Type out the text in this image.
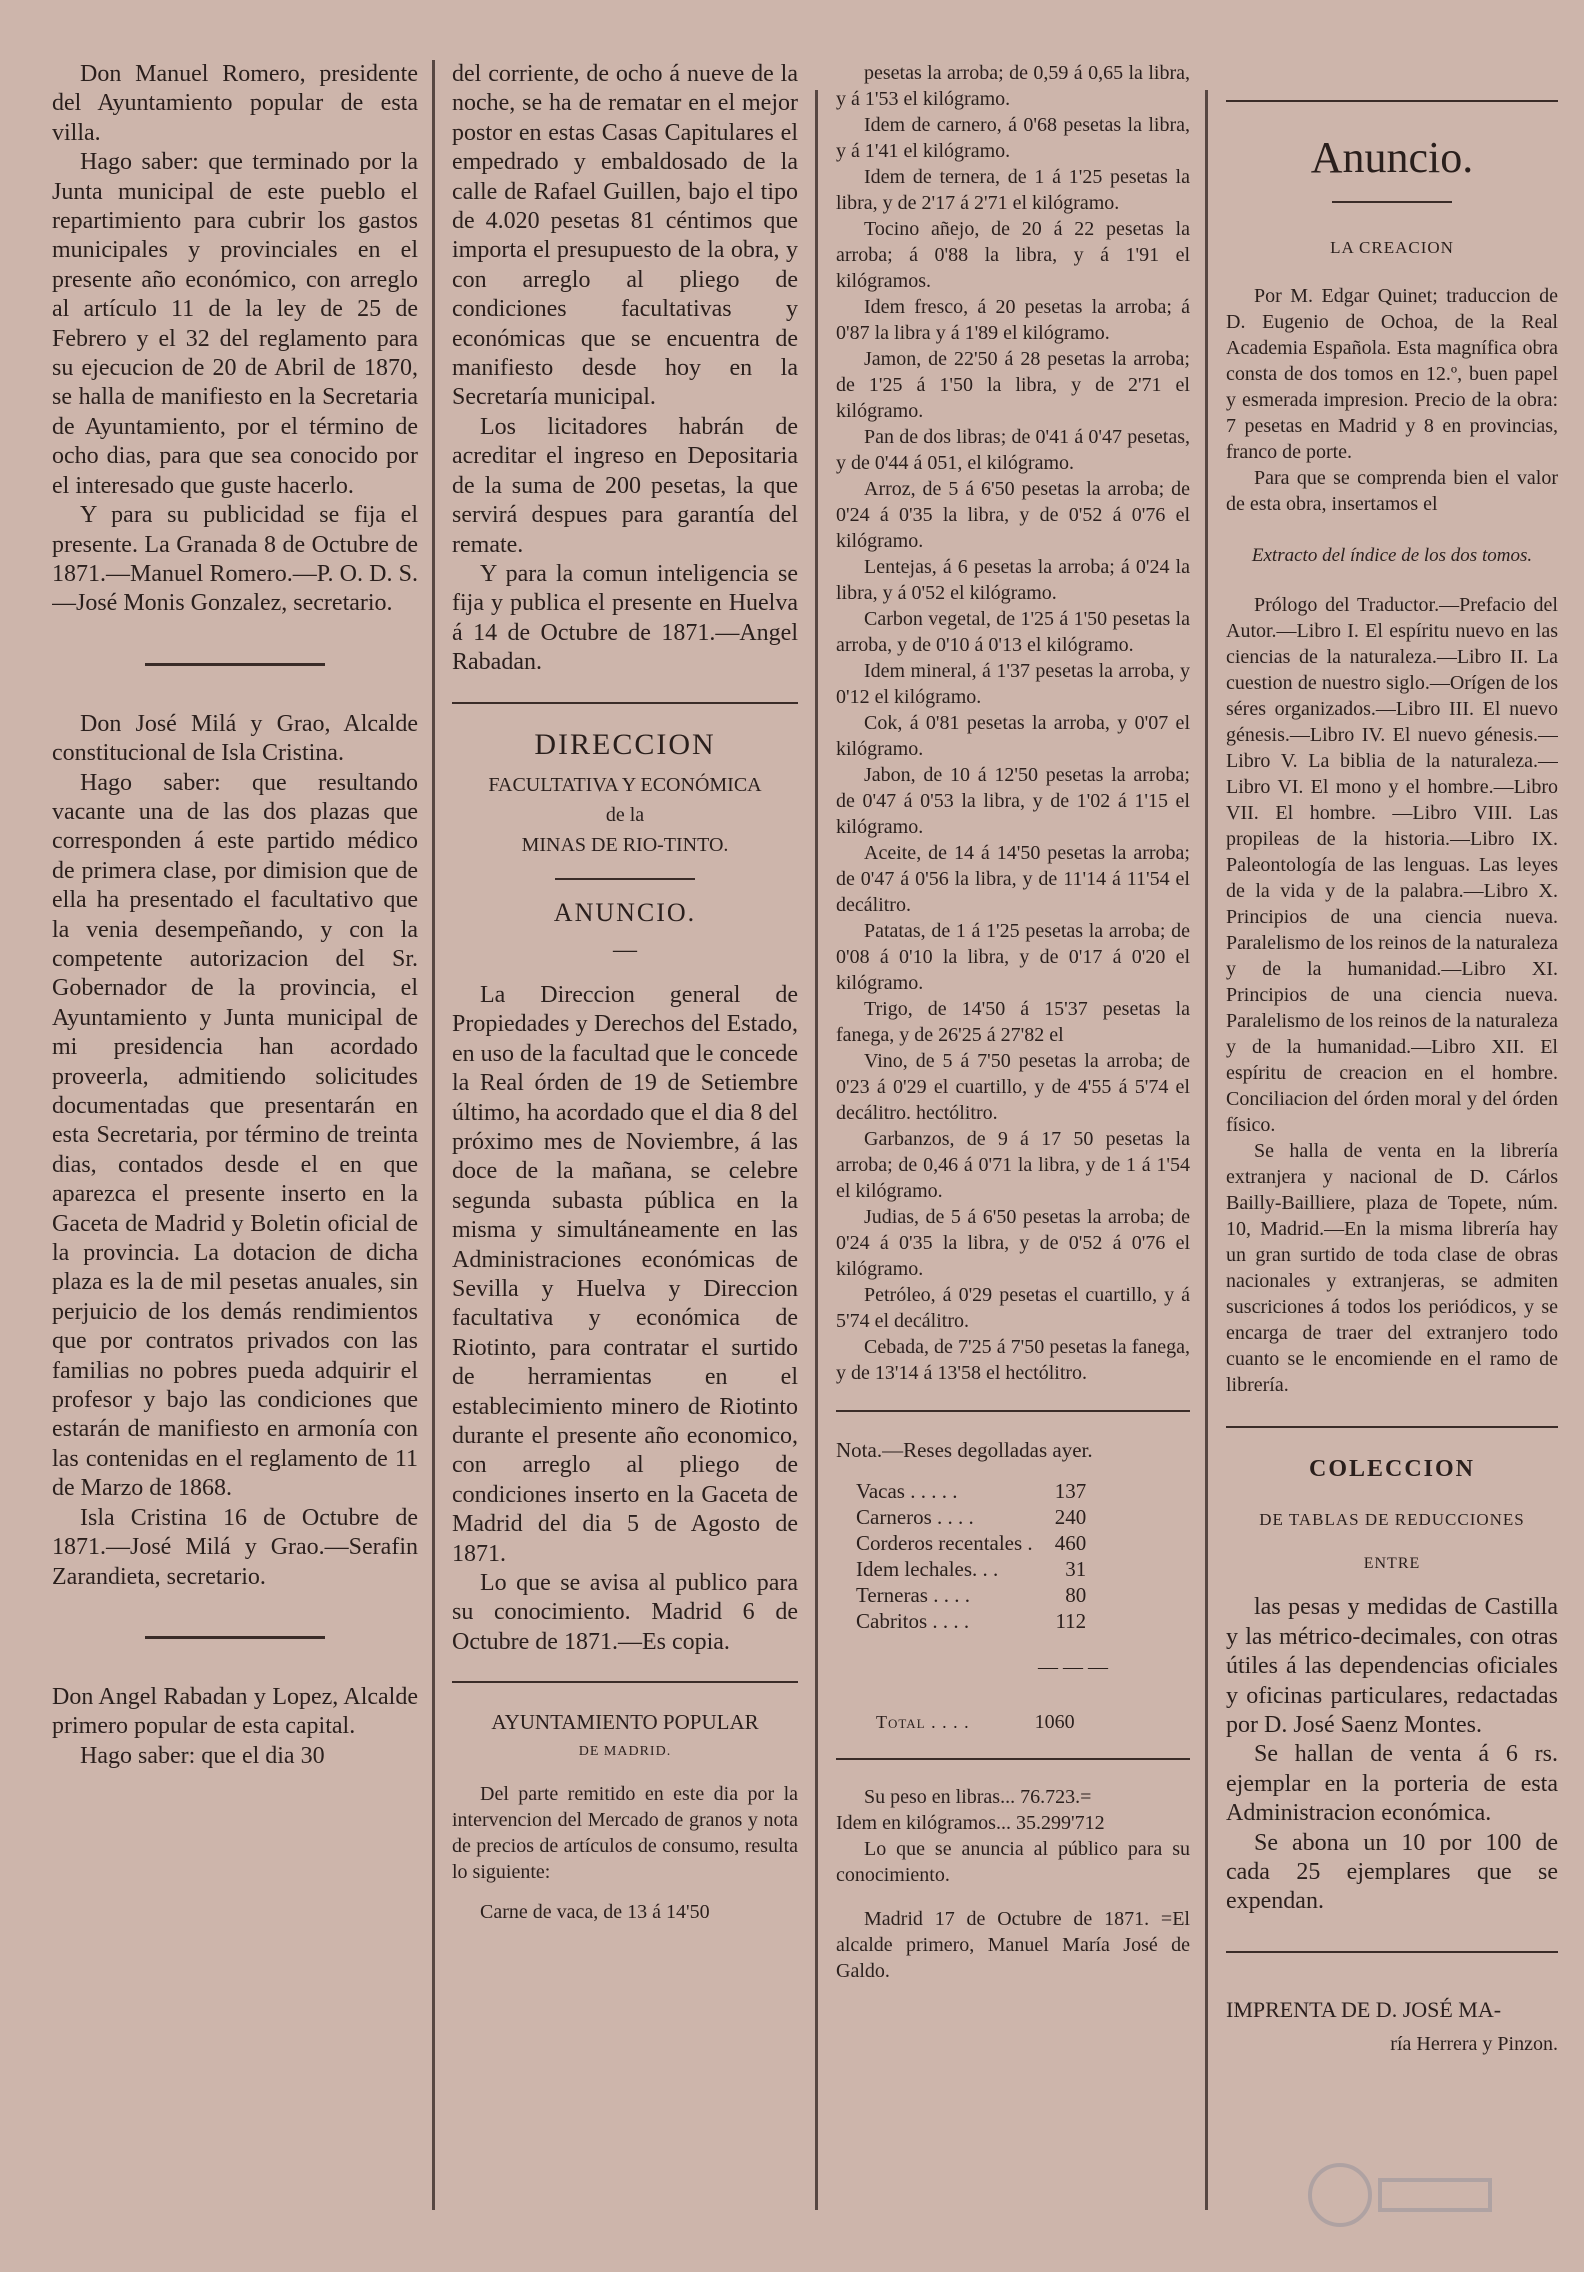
Don Manuel Romero, presidente del Ayuntamiento popular de esta villa.

Hago saber: que terminado por la Junta municipal de este pueblo el repartimiento para cubrir los gastos municipales y provinciales en el presente año económico, con arreglo al artículo 11 de la ley de 25 de Febrero y el 32 del reglamento para su ejecucion de 20 de Abril de 1870, se halla de manifiesto en la Secretaria de Ayuntamiento, por el término de ocho dias, para que sea conocido por el interesado que guste hacerlo.

Y para su publicidad se fija el presente. La Granada 8 de Octubre de 1871.—Manuel Romero.—P. O. D. S. —José Monis Gonzalez, secretario.

Don José Milá y Grao, Alcalde constitucional de Isla Cristina.

Hago saber: que resultando vacante una de las dos plazas que corresponden á este partido médico de primera clase, por dimision que de ella ha presentado el facultativo que la venia desempeñando, y con la competente autorizacion del Sr. Gobernador de la provincia, el Ayuntamiento y Junta municipal de mi presidencia han acordado proveerla, admitiendo solicitudes documentadas que presentarán en esta Secretaria, por término de treinta dias, contados desde el en que aparezca el presente inserto en la Gaceta de Madrid y Boletin oficial de la provincia. La dotacion de dicha plaza es la de mil pesetas anuales, sin perjuicio de los demás rendimientos que por contratos privados con las familias no pobres pueda adquirir el profesor y bajo las condiciones que estarán de manifiesto en armonía con las contenidas en el reglamento de 11 de Marzo de 1868.

Isla Cristina 16 de Octubre de 1871.—José Milá y Grao.—Serafin Zarandieta, secretario.

Don Angel Rabadan y Lopez, Alcalde primero popular de esta capital.

Hago saber: que el dia 30

del corriente, de ocho á nueve de la noche, se ha de rematar en el mejor postor en estas Casas Capitulares el empedrado y embaldosado de la calle de Rafael Guillen, bajo el tipo de 4.020 pesetas 81 céntimos que importa el presupuesto de la obra, y con arreglo al pliego de condiciones facultativas y económicas que se encuentra de manifiesto desde hoy en la Secretaría municipal.

Los licitadores habrán de acreditar el ingreso en Depositaria de la suma de 200 pesetas, la que servirá despues para garantía del remate.

Y para la comun inteligencia se fija y publica el presente en Huelva á 14 de Octubre de 1871.—Angel Rabadan.

DIRECCION

FACULTATIVA Y ECONÓMICA

de la

MINAS DE RIO-TINTO.

ANUNCIO.

—

La Direccion general de Propiedades y Derechos del Estado, en uso de la facultad que le concede la Real órden de 19 de Setiembre último, ha acordado que el dia 8 del próximo mes de Noviembre, á las doce de la mañana, se celebre segunda subasta pública en la misma y simultáneamente en las Administraciones económicas de Sevilla y Huelva y Direccion facultativa y económica de Riotinto, para contratar el surtido de herramientas en el establecimiento minero de Riotinto durante el presente año economico, con arreglo al pliego de condiciones inserto en la Gaceta de Madrid del dia 5 de Agosto de 1871.

Lo que se avisa al publico para su conocimiento. Madrid 6 de Octubre de 1871.—Es copia.

AYUNTAMIENTO POPULAR

DE MADRID.

Del parte remitido en este dia por la intervencion del Mercado de granos y nota de precios de artículos de consumo, resulta lo siguiente:

Carne de vaca, de 13 á 14'50

pesetas la arroba; de 0,59 á 0,65 la libra, y á 1'53 el kilógramo.

Idem de carnero, á 0'68 pesetas la libra, y á 1'41 el kilógramo.

Idem de ternera, de 1 á 1'25 pesetas la libra, y de 2'17 á 2'71 el kilógramo.

Tocino añejo, de 20 á 22 pesetas la arroba; á 0'88 la libra, y á 1'91 el kilógramos.

Idem fresco, á 20 pesetas la arroba; á 0'87 la libra y á 1'89 el kilógramo.

Jamon, de 22'50 á 28 pesetas la arroba; de 1'25 á 1'50 la libra, y de 2'71 el kilógramo.

Pan de dos libras; de 0'41 á 0'47 pesetas, y de 0'44 á 051, el kilógramo.

Arroz, de 5 á 6'50 pesetas la arroba; de 0'24 á 0'35 la libra, y de 0'52 á 0'76 el kilógramo.

Lentejas, á 6 pesetas la arroba; á 0'24 la libra, y á 0'52 el kilógramo.

Carbon vegetal, de 1'25 á 1'50 pesetas la arroba, y de 0'10 á 0'13 el kilógramo.

Idem mineral, á 1'37 pesetas la arroba, y 0'12 el kilógramo.

Cok, á 0'81 pesetas la arroba, y 0'07 el kilógramo.

Jabon, de 10 á 12'50 pesetas la arroba; de 0'47 á 0'53 la libra, y de 1'02 á 1'15 el kilógramo.

Aceite, de 14 á 14'50 pesetas la arroba; de 0'47 á 0'56 la libra, y de 11'14 á 11'54 el decálitro.

Patatas, de 1 á 1'25 pesetas la arroba; de 0'08 á 0'10 la libra, y de 0'17 á 0'20 el kilógramo.

Trigo, de 14'50 á 15'37 pesetas la fanega, y de 26'25 á 27'82 el

Vino, de 5 á 7'50 pesetas la arroba; de 0'23 á 0'29 el cuartillo, y de 4'55 á 5'74 el decálitro. hectólitro.

Garbanzos, de 9 á 17 50 pesetas la arroba; de 0,46 á 0'71 la libra, y de 1 á 1'54 el kilógramo.

Judias, de 5 á 6'50 pesetas la arroba; de 0'24 á 0'35 la libra, y de 0'52 á 0'76 el kilógramo.

Petróleo, á 0'29 pesetas el cuartillo, y á 5'74 el decálitro.

Cebada, de 7'25 á 7'50 pesetas la fanega, y de 13'14 á 13'58 el hectólitro.

Nota.—Reses degolladas ayer.

Vacas . . . . .	137
Carneros . . . .	240
Corderos recentales .	460
Idem lechales. . .	31
Terneras . . . .	80
Cabritos . . . .	112

— — —

Total . . . .	1060

Su peso en libras... 76.723.=

Idem en kilógramos... 35.299'712

Lo que se anuncia al público para su conocimiento.

Madrid 17 de Octubre de 1871. =El alcalde primero, Manuel María José de Galdo.

Anuncio.

LA CREACION

Por M. Edgar Quinet; traduccion de D. Eugenio de Ochoa, de la Real Academia Española. Esta magnífica obra consta de dos tomos en 12.º, buen papel y esmerada impresion. Precio de la obra: 7 pesetas en Madrid y 8 en provincias, franco de porte.

Para que se comprenda bien el valor de esta obra, insertamos el

Extracto del índice de los dos tomos.

Prólogo del Traductor.—Prefacio del Autor.—Libro I. El espíritu nuevo en las ciencias de la naturaleza.—Libro II. La cuestion de nuestro siglo.—Orígen de los séres organizados.—Libro III. El nuevo génesis.—Libro IV. El nuevo génesis.—Libro V. La biblia de la naturaleza.—Libro VI. El mono y el hombre.—Libro VII. El hombre. —Libro VIII. Las propileas de la historia.—Libro IX. Paleontología de las lenguas. Las leyes de la vida y de la palabra.—Libro X. Principios de una ciencia nueva. Paralelismo de los reinos de la naturaleza y de la humanidad.—Libro XI. Principios de una ciencia nueva. Paralelismo de los reinos de la naturaleza y de la humanidad.—Libro XII. El espíritu de creacion en el hombre. Conciliacion del órden moral y del órden físico.

Se halla de venta en la librería extranjera y nacional de D. Cárlos Bailly-Bailliere, plaza de Topete, núm. 10, Madrid.—En la misma librería hay un gran surtido de toda clase de obras nacionales y extranjeras, se admiten suscriciones á todos los periódicos, y se encarga de traer del extranjero todo cuanto se le encomiende en el ramo de librería.

COLECCION

DE TABLAS DE REDUCCIONES

ENTRE

las pesas y medidas de Castilla y las métrico-decimales, con otras útiles á las dependencias oficiales y oficinas particulares, redactadas por D. José Saenz Montes.

Se hallan de venta á 6 rs. ejemplar en la porteria de esta Administracion económica.

Se abona un 10 por 100 de cada 25 ejemplares que se expendan.

IMPRENTA DE D. JOSÉ MA-
ría Herrera y Pinzon.
